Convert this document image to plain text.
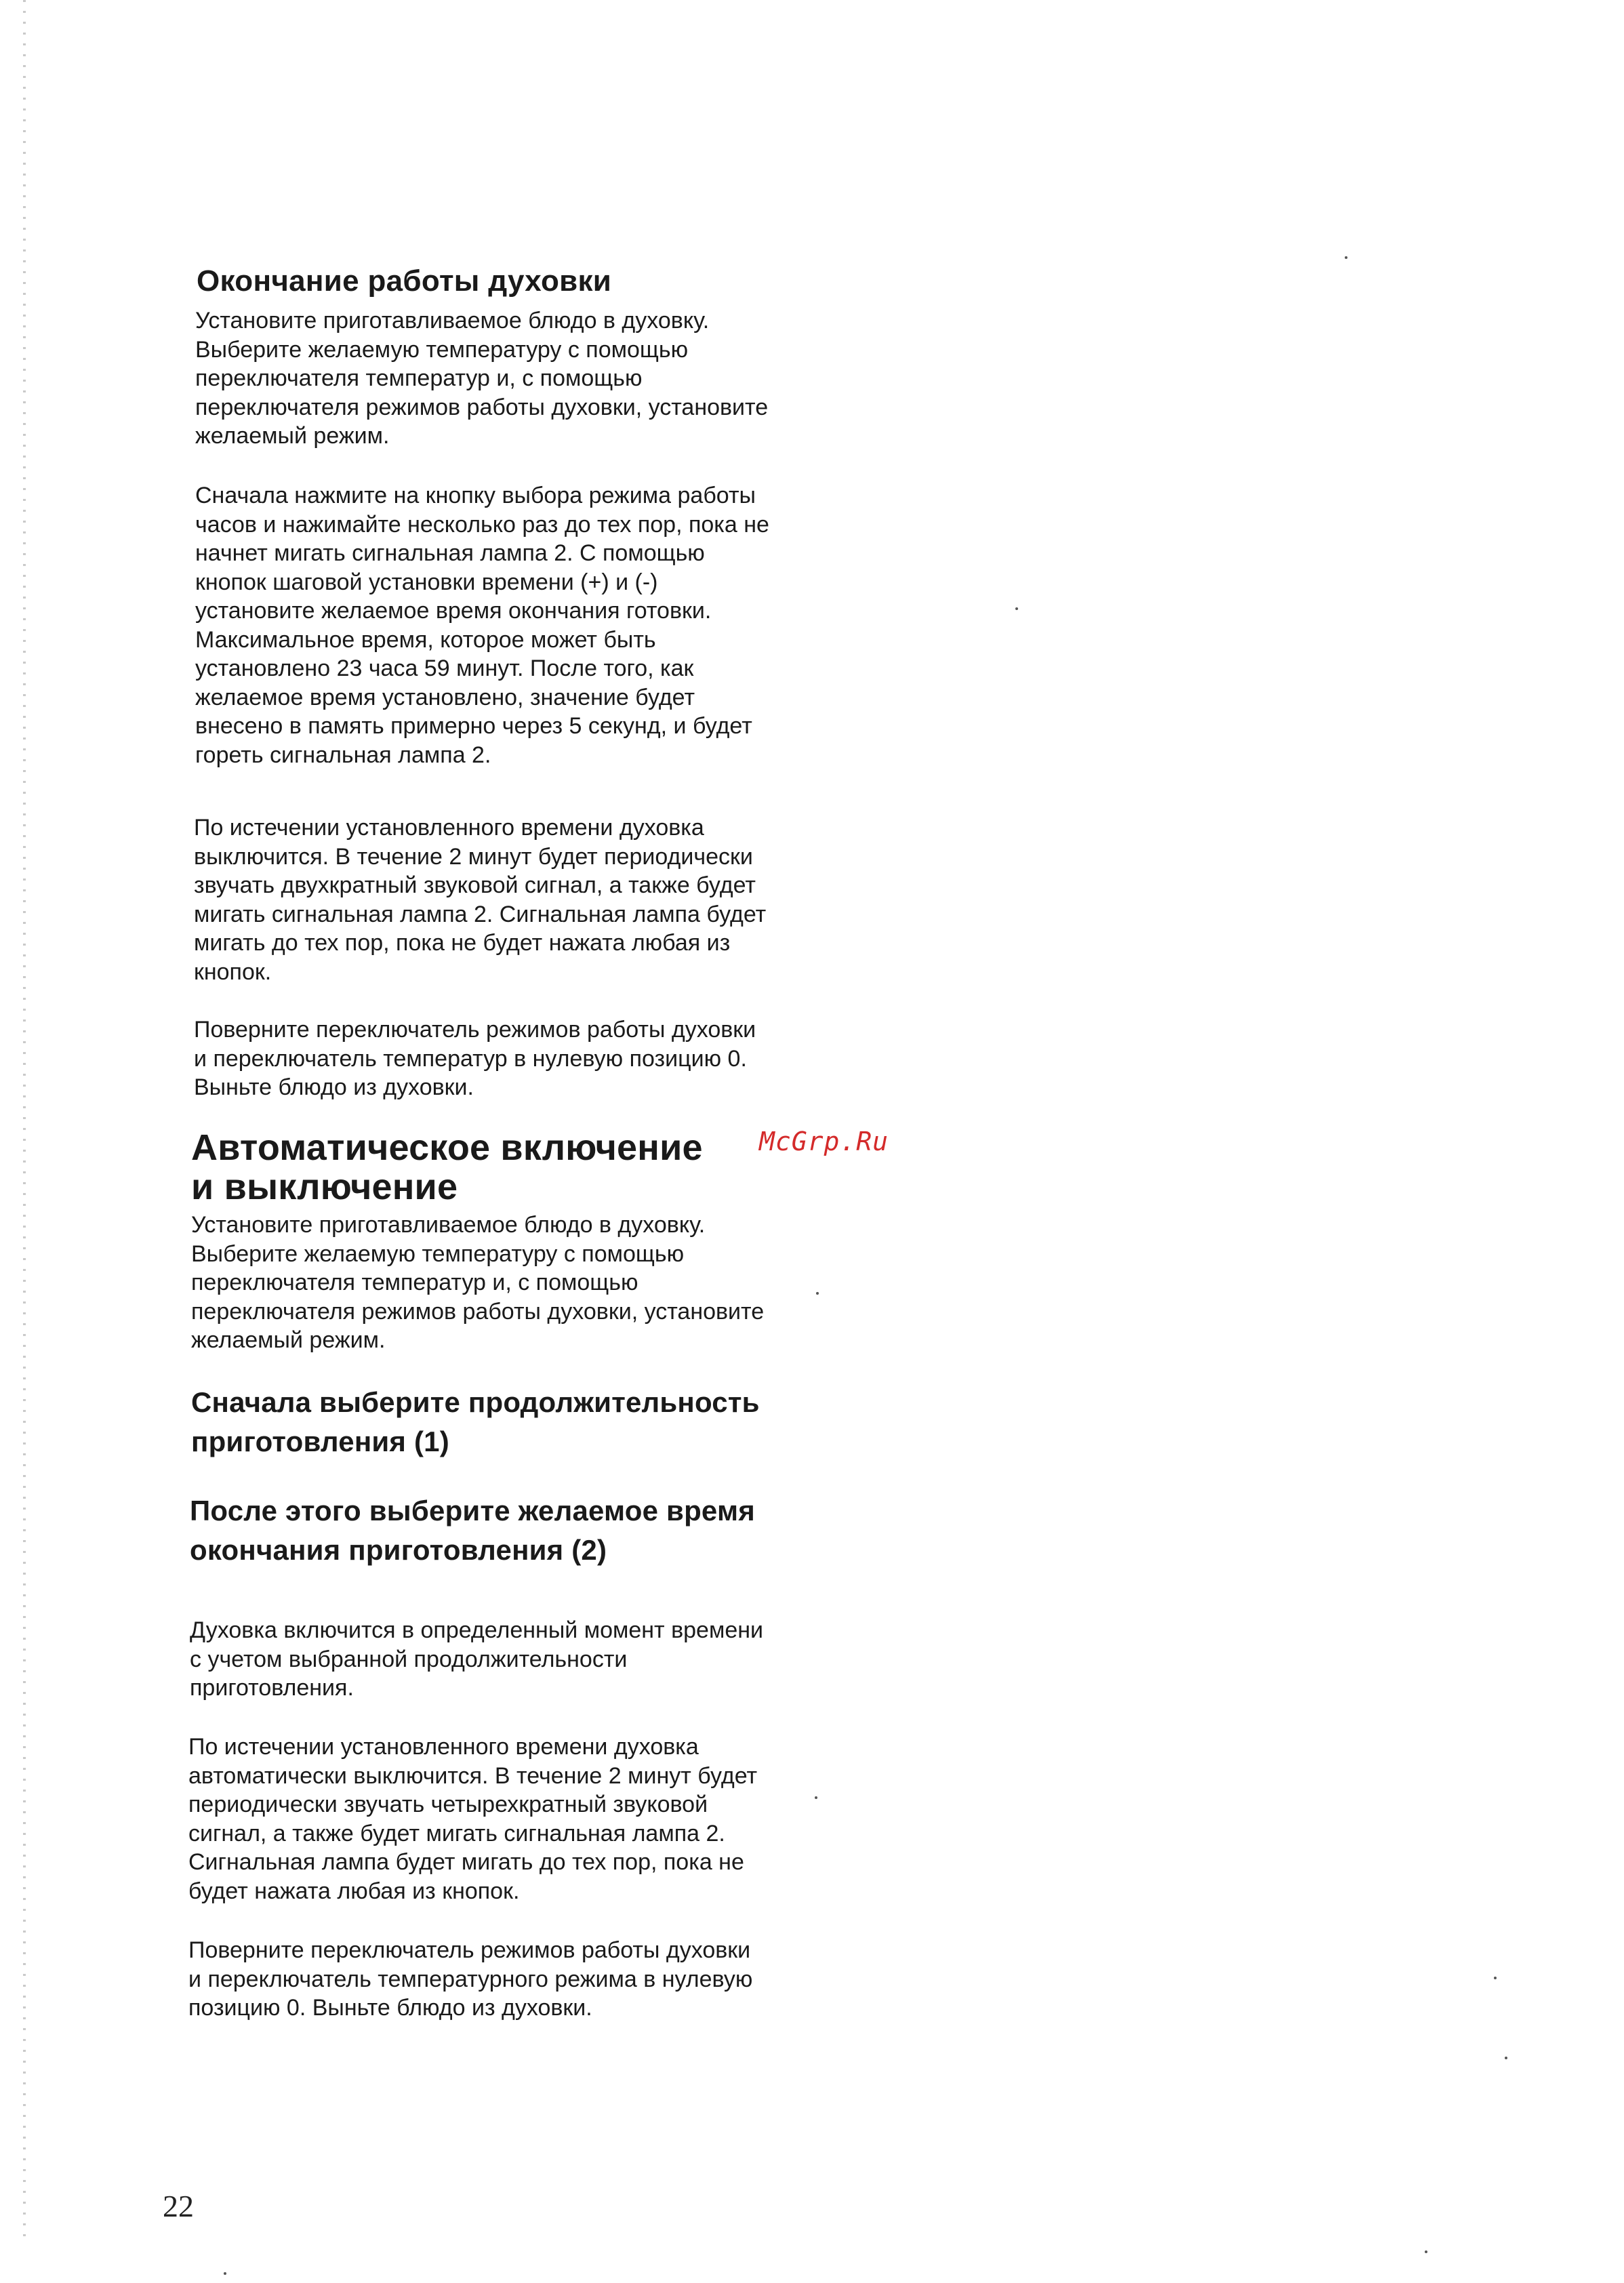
Окончание работы духовки

Установите приготавливаемое блюдо в духовку.
Выберите желаемую температуру с помощью
переключателя температур и, с помощью
переключателя режимов работы духовки, установите
желаемый режим.

Сначала нажмите на кнопку выбора режима работы
часов и нажимайте несколько раз до тех пор, пока не
начнет мигать сигнальная лампа 2. С помощью
кнопок шаговой установки времени (+) и (-)
установите желаемое время окончания готовки.
Максимальное время, которое может быть
установлено 23 часа 59 минут. После того, как
желаемое время установлено, значение будет
внесено в память примерно через 5 секунд, и будет
гореть сигнальная лампа 2.

По истечении установленного времени духовка
выключится. В течение 2 минут будет периодически
звучать двухкратный звуковой сигнал, а также будет
мигать сигнальная лампа 2. Сигнальная лампа будет
мигать до тех пор, пока не будет нажата любая из
кнопок.

Поверните переключатель режимов работы духовки
и переключатель температур в нулевую позицию 0.
Выньте блюдо из духовки.

Автоматическое включение
и выключение

Установите приготавливаемое блюдо в духовку.
Выберите желаемую температуру с помощью
переключателя температур и, с помощью
переключателя режимов работы духовки, установите
желаемый режим.

Сначала выберите продолжительность
приготовления (1)
После этого выберите желаемое время
окончания приготовления (2)

Духовка включится в определенный момент времени
с учетом выбранной продолжительности
приготовления.

По истечении установленного времени духовка
автоматически выключится. В течение 2 минут будет
периодически звучать четырехкратный звуковой
сигнал, а также будет мигать сигнальная лампа 2.
Сигнальная лампа будет мигать до тех пор, пока не
будет нажата любая из кнопок.

Поверните переключатель режимов работы духовки
и переключатель температурного режима в нулевую
позицию 0. Выньте блюдо из духовки.

McGrp.Ru
22
